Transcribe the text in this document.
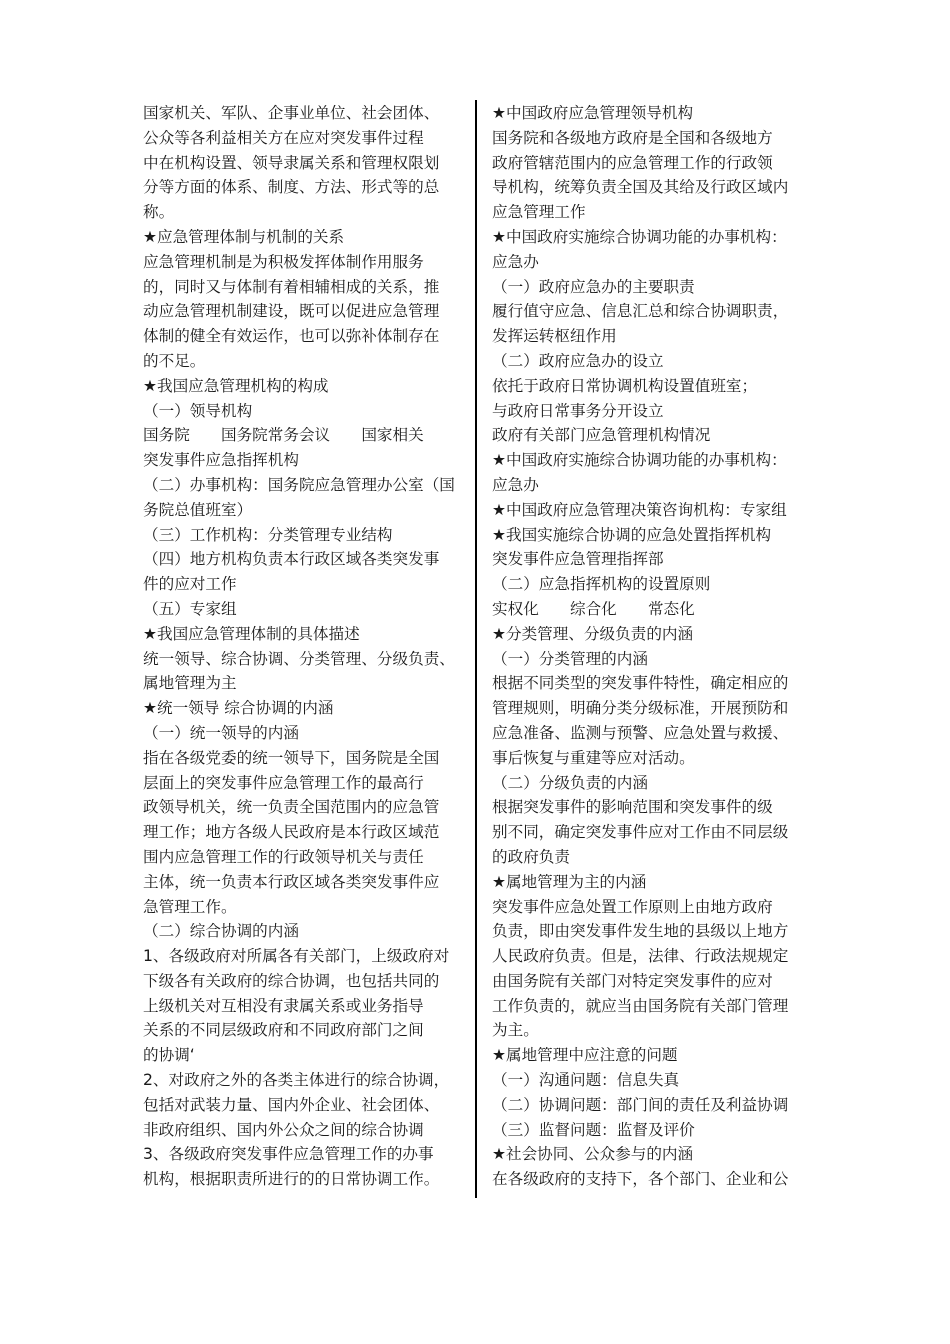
国家机关、军队、企事业单位、社会团体、
公众等各利益相关方在应对突发事件过程
中在机构设置、领导隶属关系和管理权限划
分等方面的体系、制度、方法、形式等的总
称。
★应急管理体制与机制的关系
应急管理机制是为积极发挥体制作用服务
的，同时又与体制有着相辅相成的关系，推
动应急管理机制建设，既可以促进应急管理
体制的健全有效运作，也可以弥补体制存在
的不足。
★我国应急管理机构的构成
（一）领导机构
国务院　　国务院常务会议　　国家相关
突发事件应急指挥机构
（二）办事机构：国务院应急管理办公室（国
务院总值班室）
（三）工作机构：分类管理专业结构
（四）地方机构负责本行政区域各类突发事
件的应对工作
（五）专家组
★我国应急管理体制的具体描述
统一领导、综合协调、分类管理、分级负责、
属地管理为主
★统一领导 综合协调的内涵
（一）统一领导的内涵
指在各级党委的统一领导下，国务院是全国
层面上的突发事件应急管理工作的最高行
政领导机关，统一负责全国范围内的应急管
理工作；地方各级人民政府是本行政区域范
围内应急管理工作的行政领导机关与责任
主体，统一负责本行政区域各类突发事件应
急管理工作。
（二）综合协调的内涵
1、各级政府对所属各有关部门，上级政府对
下级各有关政府的综合协调，也包括共同的
上级机关对互相没有隶属关系或业务指导
关系的不同层级政府和不同政府部门之间
的协调‘
2、对政府之外的各类主体进行的综合协调，
包括对武装力量、国内外企业、社会团体、
非政府组织、国内外公众之间的综合协调
3、各级政府突发事件应急管理工作的办事
机构，根据职责所进行的的日常协调工作。
★中国政府应急管理领导机构
国务院和各级地方政府是全国和各级地方
政府管辖范围内的应急管理工作的行政领
导机构，统筹负责全国及其给及行政区域内
应急管理工作
★中国政府实施综合协调功能的办事机构：
应急办
（一）政府应急办的主要职责
履行值守应急、信息汇总和综合协调职责，
发挥运转枢纽作用
（二）政府应急办的设立
依托于政府日常协调机构设置值班室；
与政府日常事务分开设立
政府有关部门应急管理机构情况
★中国政府实施综合协调功能的办事机构：
应急办
★中国政府应急管理决策咨询机构：专家组
★我国实施综合协调的应急处置指挥机构
突发事件应急管理指挥部
（二）应急指挥机构的设置原则
实权化　　综合化　　常态化
★分类管理、分级负责的内涵
（一）分类管理的内涵
根据不同类型的突发事件特性，确定相应的
管理规则，明确分类分级标准，开展预防和
应急准备、监测与预警、应急处置与救援、
事后恢复与重建等应对活动。
（二）分级负责的内涵
根据突发事件的影响范围和突发事件的级
别不同，确定突发事件应对工作由不同层级
的政府负责
★属地管理为主的内涵
突发事件应急处置工作原则上由地方政府
负责，即由突发事件发生地的县级以上地方
人民政府负责。但是，法律、行政法规规定
由国务院有关部门对特定突发事件的应对
工作负责的，就应当由国务院有关部门管理
为主。
★属地管理中应注意的问题
（一）沟通问题：信息失真
（二）协调问题：部门间的责任及利益协调
（三）监督问题：监督及评价
★社会协同、公众参与的内涵
在各级政府的支持下，各个部门、企业和公
